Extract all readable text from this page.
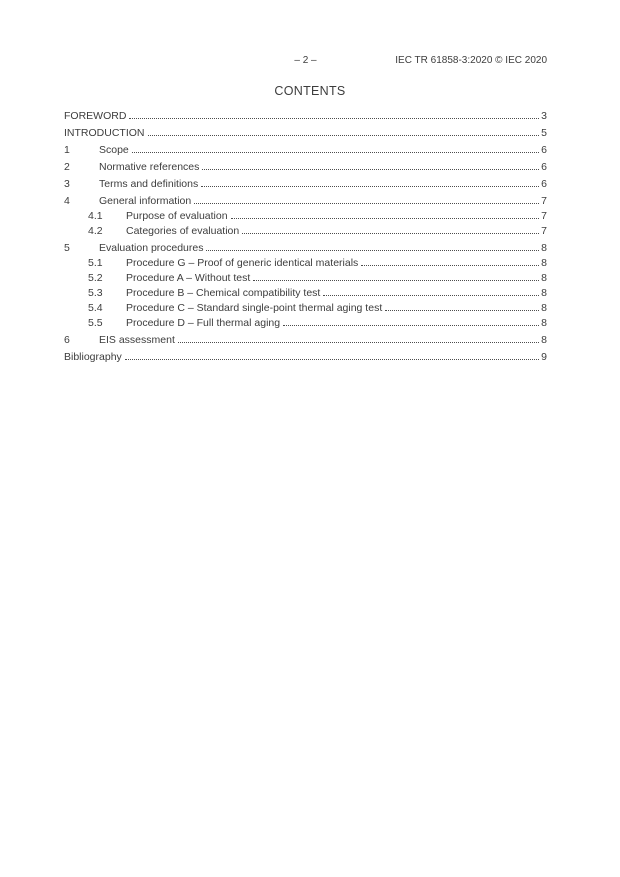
– 2 –	IEC TR 61858-3:2020 © IEC 2020
CONTENTS
FOREWORD	3
INTRODUCTION	5
1	Scope	6
2	Normative references	6
3	Terms and definitions	6
4	General information	7
4.1	Purpose of evaluation	7
4.2	Categories of evaluation	7
5	Evaluation procedures	8
5.1	Procedure G – Proof of generic identical materials	8
5.2	Procedure A – Without test	8
5.3	Procedure B – Chemical compatibility test	8
5.4	Procedure C – Standard single-point thermal aging test	8
5.5	Procedure D – Full thermal aging	8
6	EIS assessment	8
Bibliography	9
